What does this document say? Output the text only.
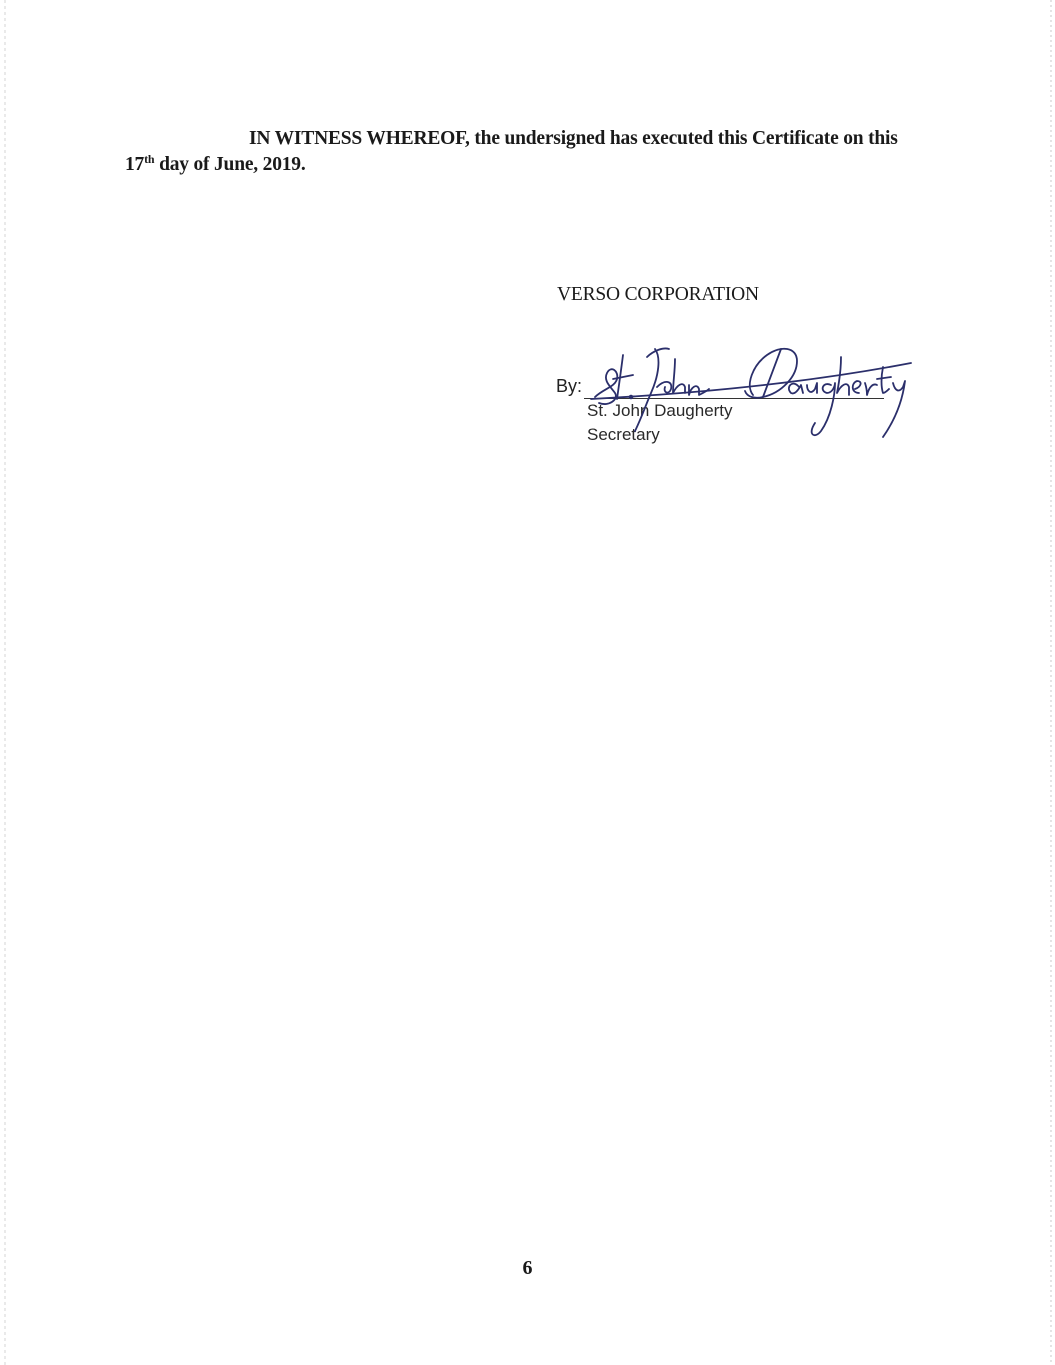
IN WITNESS WHEREOF, the undersigned has executed this Certificate on this
17th day of June, 2019.

VERSO CORPORATION
By:
St. John Daugherty
Secretary
6
